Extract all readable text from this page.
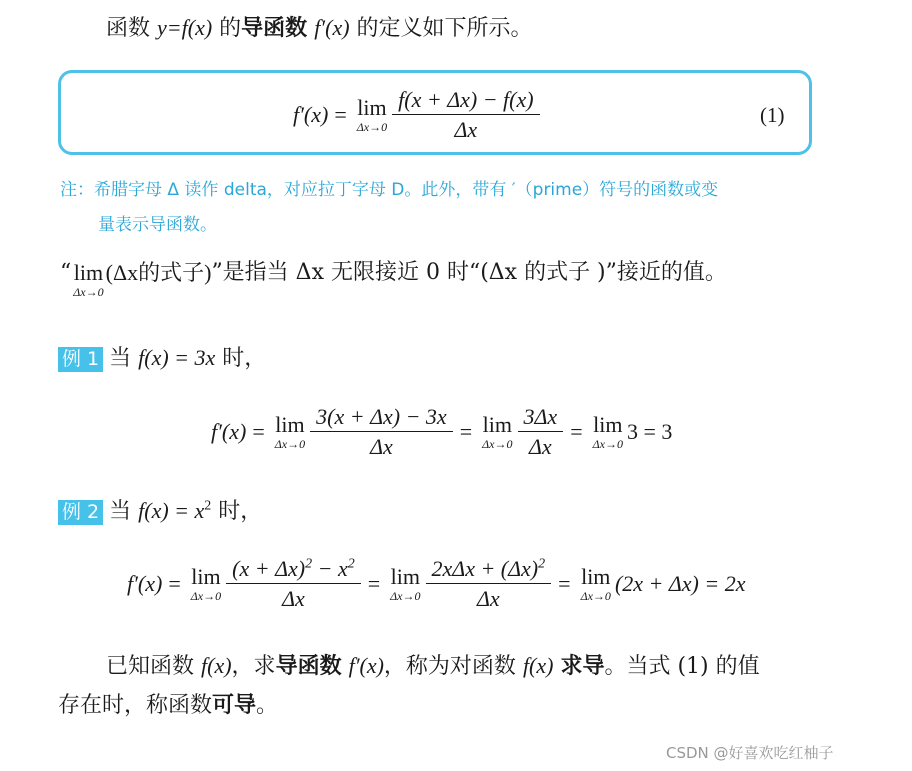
函数 y=f(x) 的导函数 f′(x) 的定义如下所示。
f′(x) = lim
$\Delta x\to 0 \frac{f(x + \Delta x) - f(x)}{\Delta x}$	(1)
注：希腊字母 Δ 读作 delta，对应拉丁字母 D。此外，带有 ′（prime）符号的函数或变
量表示导函数。
“ lim
Δx→0
(Δx的式子) ”是指当 Δx 无限接近 0 时“(Δx 的式子 )”接近的值。
例 1 当 f(x) = 3x 时，
f′(x) = lim
$\Delta x\to 0 \frac{3(x + \Delta x) - 3x}{\Delta x} = \lim$
$\Delta x\to 0 \frac{3\Delta x}{\Delta x} = \lim$
Δx→0 3 = 3
例 2 当 $f(x) = x^2$ 时，
f′(x) = lim
$\Delta x\to 0 \frac{(x + \Delta x)^2 - x^2}{\Delta x} = \lim$
$\Delta x\to 0 \frac{2x\Delta x + (\Delta x)^2}{\Delta x} = \lim$
Δx→0 (2x + Δx) = 2x
已知函数 f(x)，求导函数 f′(x)，称为对函数 f(x) 求导。当式 (1) 的值
存在时，称函数可导。
CSDN @好喜欢吃红柚子
